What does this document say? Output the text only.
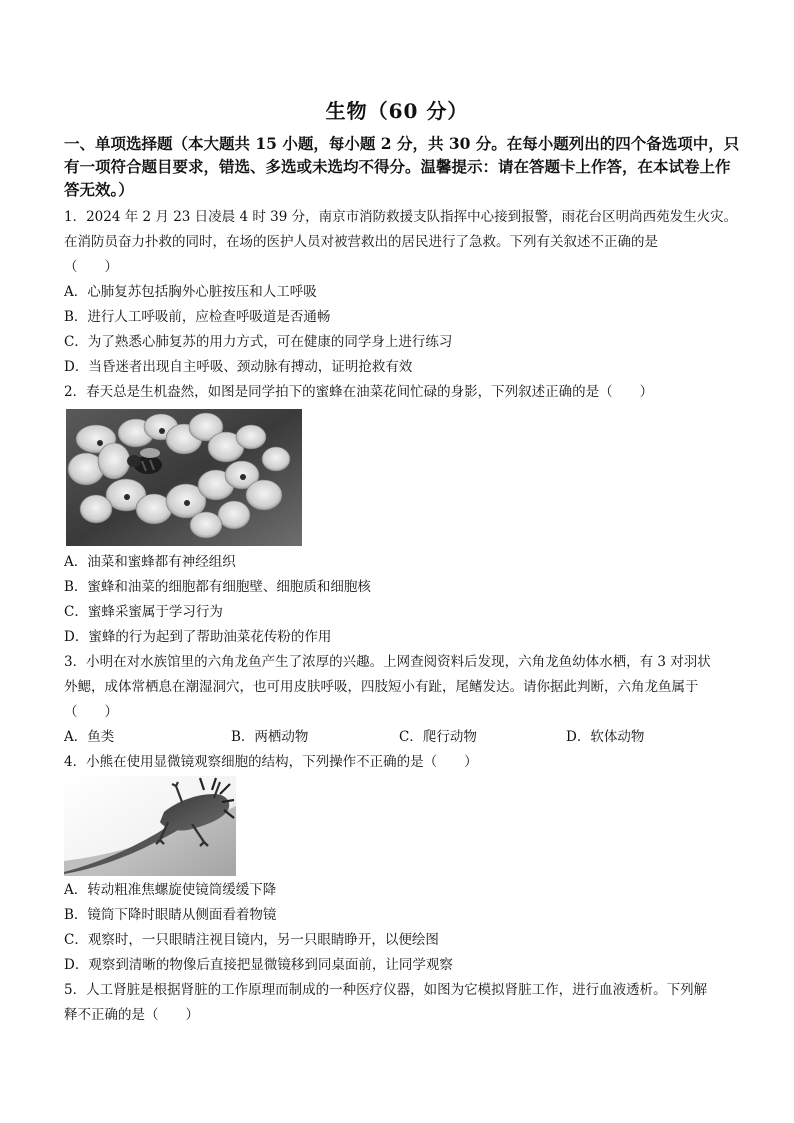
生物（60 分）
一、单项选择题（本大题共 15 小题，每小题 2 分，共 30 分。在每小题列出的四个备选项中，只有一项符合题目要求，错选、多选或未选均不得分。温馨提示：请在答题卡上作答，在本试卷上作答无效。）
1．2024 年 2 月 23 日凌晨 4 时 39 分，南京市消防救援支队指挥中心接到报警，雨花台区明尚西苑发生火灾。
在消防员奋力扑救的同时，在场的医护人员对被营救出的居民进行了急救。下列有关叙述不正确的是
（　　）
A．心肺复苏包括胸外心脏按压和人工呼吸
B．进行人工呼吸前，应检查呼吸道是否通畅
C．为了熟悉心肺复苏的用力方式，可在健康的同学身上进行练习
D．当昏迷者出现自主呼吸、颈动脉有搏动，证明抢救有效
2．春天总是生机盎然，如图是同学拍下的蜜蜂在油菜花间忙碌的身影，下列叙述正确的是（　　）
A．油菜和蜜蜂都有神经组织
B．蜜蜂和油菜的细胞都有细胞壁、细胞质和细胞核
C．蜜蜂采蜜属于学习行为
D．蜜蜂的行为起到了帮助油菜花传粉的作用
3．小明在对水族馆里的六角龙鱼产生了浓厚的兴趣。上网查阅资料后发现，六角龙鱼幼体水栖，有 3 对羽状
外鳃，成体常栖息在潮湿洞穴，也可用皮肤呼吸，四肢短小有趾，尾鳍发达。请你据此判断，六角龙鱼属于
（　　）
A．鱼类	B．两栖动物	C．爬行动物	D．软体动物
4．小熊在使用显微镜观察细胞的结构，下列操作不正确的是（　　）
A．转动粗准焦螺旋使镜筒缓缓下降
B．镜筒下降时眼睛从侧面看着物镜
C．观察时，一只眼睛注视目镜内，另一只眼睛睁开，以便绘图
D．观察到清晰的物像后直接把显微镜移到同桌面前，让同学观察
5．人工肾脏是根据肾脏的工作原理而制成的一种医疗仪器，如图为它模拟肾脏工作，进行血液透析。下列解
释不正确的是（　　）
